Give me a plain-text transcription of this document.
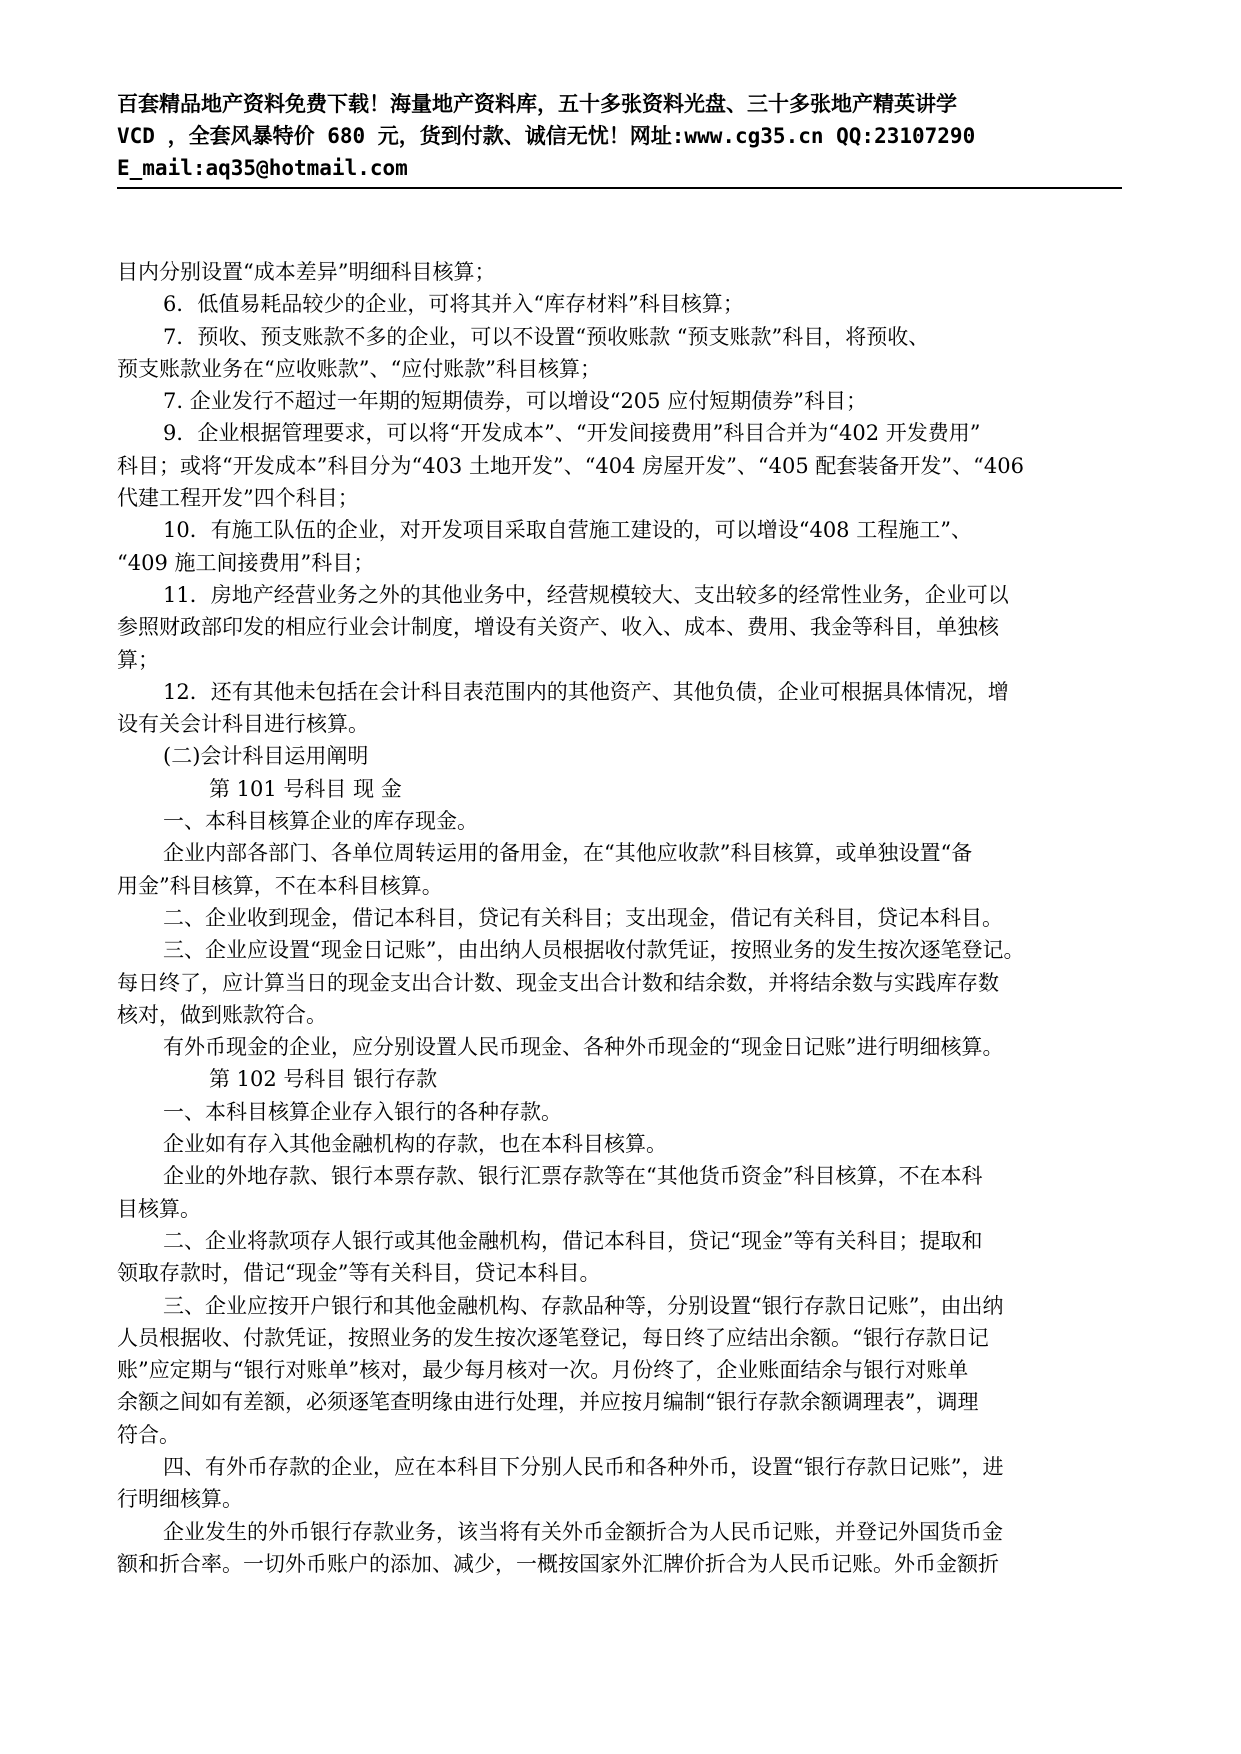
百套精品地产资料免费下载！海量地产资料库，五十多张资料光盘、三十多张地产精英讲学
VCD ，全套风暴特价 680 元，货到付款、诚信无忧！网址:www.cg35.cn QQ:23107290
E_mail:aq35@hotmail.com
目内分别设置“成本差异”明细科目核算；
6．低值易耗品较少的企业，可将其并入“库存材料”科目核算；
7．预收、预支账款不多的企业，可以不设置“预收账款 “预支账款”科目，将预收、
预支账款业务在“应收账款”、“应付账款”科目核算；
7. 企业发行不超过一年期的短期债券，可以增设“205 应付短期债券”科目；
9．企业根据管理要求，可以将“开发成本”、“开发间接费用”科目合并为“402 开发费用”
科目；或将“开发成本”科目分为“403 土地开发”、“404 房屋开发”、“405 配套装备开发”、“406
代建工程开发”四个科目；
10．有施工队伍的企业，对开发项目采取自营施工建设的，可以增设“408 工程施工”、
“409 施工间接费用”科目；
11．房地产经营业务之外的其他业务中，经营规模较大、支出较多的经常性业务，企业可以
参照财政部印发的相应行业会计制度，增设有关资产、收入、成本、费用、我金等科目，单独核
算；
12．还有其他未包括在会计科目表范围内的其他资产、其他负债，企业可根据具体情况，增
设有关会计科目进行核算。
(二)会计科目运用阐明
第 101 号科目 现 金
一、本科目核算企业的库存现金。
企业内部各部门、各单位周转运用的备用金，在“其他应收款”科目核算，或单独设置“备
用金”科目核算，不在本科目核算。
二、企业收到现金，借记本科目，贷记有关科目；支出现金，借记有关科目，贷记本科目。
三、企业应设置“现金日记账”，由出纳人员根据收付款凭证，按照业务的发生按次逐笔登记。
每日终了，应计算当日的现金支出合计数、现金支出合计数和结余数，并将结余数与实践库存数
核对，做到账款符合。
有外币现金的企业，应分别设置人民币现金、各种外币现金的“现金日记账”进行明细核算。
第 102 号科目 银行存款
一、本科目核算企业存入银行的各种存款。
企业如有存入其他金融机构的存款，也在本科目核算。
企业的外地存款、银行本票存款、银行汇票存款等在“其他货币资金”科目核算，不在本科
目核算。
二、企业将款项存人银行或其他金融机构，借记本科目，贷记“现金”等有关科目；提取和
领取存款时，借记“现金”等有关科目，贷记本科目。
三、企业应按开户银行和其他金融机构、存款品种等，分别设置“银行存款日记账”，由出纳
人员根据收、付款凭证，按照业务的发生按次逐笔登记，每日终了应结出余额。“银行存款日记
账”应定期与“银行对账单”核对，最少每月核对一次。月份终了，企业账面结余与银行对账单
余额之间如有差额，必须逐笔查明缘由进行处理，并应按月编制“银行存款余额调理表”，调理
符合。
四、有外币存款的企业，应在本科目下分别人民币和各种外币，设置“银行存款日记账”，进
行明细核算。
企业发生的外币银行存款业务，该当将有关外币金额折合为人民币记账，并登记外国货币金
额和折合率。一切外币账户的添加、减少，一概按国家外汇牌价折合为人民币记账。外币金额折
